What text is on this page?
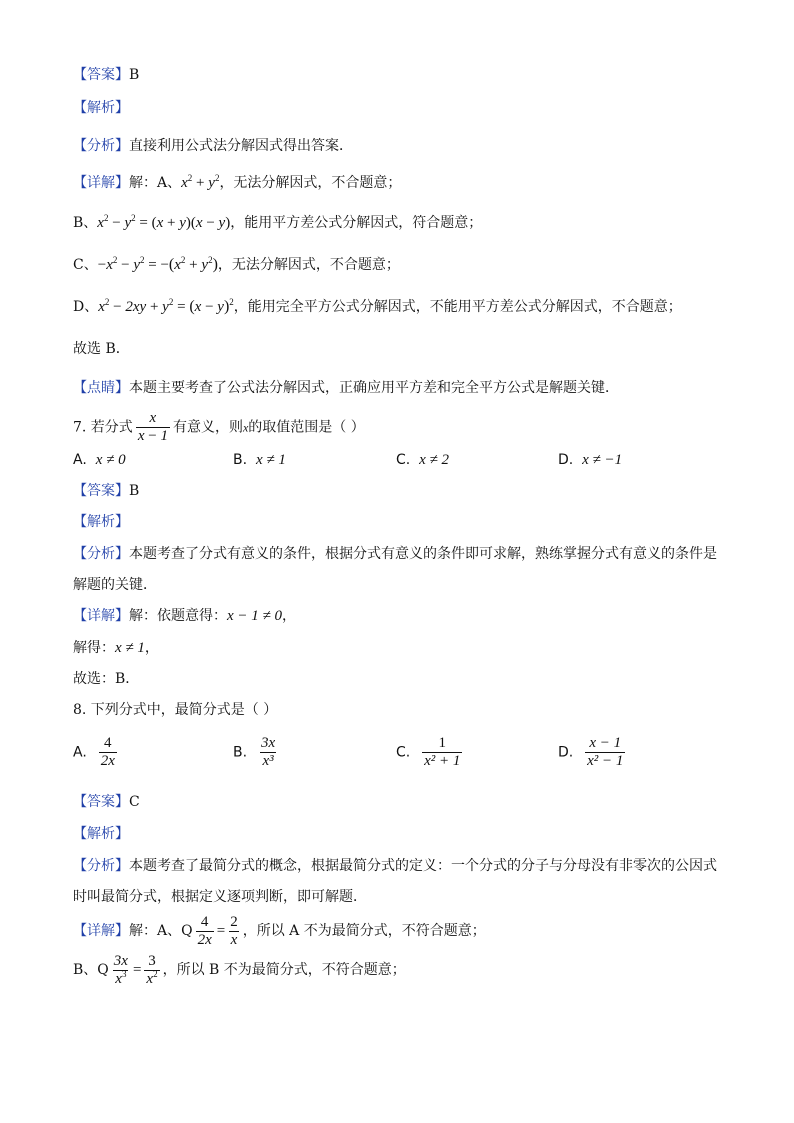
【答案】B
【解析】
【分析】直接利用公式法分解因式得出答案．
【详解】解：A、$x^2 + y^2$，无法分解因式，不合题意；
B、$x^2 - y^2 = (x + y)(x - y)$，能用平方差公式分解因式，符合题意；
C、$-x^2 - y^2 = -(x^2 + y^2)$，无法分解因式，不合题意；
D、$x^2 - 2xy + y^2 = (x - y)^2$，能用完全平方公式分解因式，不能用平方差公式分解因式，不合题意；
故选 B．
【点睛】本题主要考查了公式法分解因式，正确应用平方差和完全平方公式是解题关键．
7. 若分式 $\frac{x}{x - 1}$ 有意义，则x的取值范围是（ ）
A. x ≠ 0	B. x ≠ 1	C. x ≠ 2	D. x ≠ −1
【答案】B
【解析】
【分析】本题考查了分式有意义的条件，根据分式有意义的条件即可求解，熟练掌握分式有意义的条件是
解题的关键．
【详解】解：依题意得：x − 1 ≠ 0，
解得：x ≠ 1，
故选：B．
8. 下列分式中，最简分式是（ ）
A. $\frac{4}{2x}$	B. $\frac{3x}{\text{x³}}$	C. $\frac{1}{\text{x² + 1}}$	D. $\frac{x - 1}{\text{x² − 1}}$
【答案】C
【解析】
【分析】本题考查了最简分式的概念，根据最简分式的定义：一个分式的分子与分母没有非零次的公因式
时叫最简分式，根据定义逐项判断，即可解题．
【详解】解：A、Q $\frac{4}{2x} = \frac{2}{x}$ ，所以 A 不为最简分式，不符合题意；
B、Q $\frac{3x}{x^3} = \frac{3}{x^2}$ ，所以 B 不为最简分式，不符合题意；
